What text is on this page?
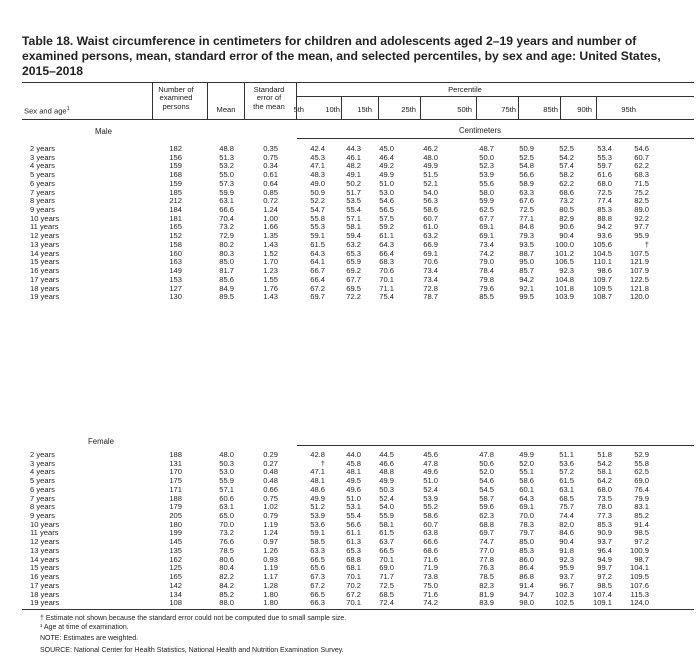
Table 18. Waist circumference in centimeters for children and adolescents aged 2–19 years and number of examined persons, mean, standard error of the mean, and selected percentiles, by sex and age: United States, 2015–2018
Sex and age$^1$
Number of
examined
persons	Mean
Standard
error of
the mean
Percentile
5th	10th	15th	25th	50th	75th	85th	90th	95th
Male	Centimeters
2 years	182	48.8	0.35	42.4	44.3 45.0	46.2	48.7	50.9	52.5	53.4	54.6
3 years	156	51.3	0.75	45.3	46.1 46.4	48.0	50.0	52.5	54.2	55.3	60.7
4 years	159	53.2	0.34	47.1	48.2 49.2	49.9	52.3	54.8	57.4	59.7	62.2
5 years	168	55.0	0.61	48.3	49.1 49.9	51.5	53.9	56.6	58.2	61.6	68.3
6 years	159	57.3	0.64	49.0	50.2 51.0	52.1	55.6	58.9	62.2	68.0	71.5
7 years	185	59.9	0.85	50.9	51.7 53.0	54.0	58.0	63.3	68.6	72.5	75.2
8 years	212	63.1	0.72	52.2	53.5 54.6	56.3	59.9	67.6	73.2	77.4	82.5
9 years	184	66.6	1.24	54.7	55.4 56.5	58.6	62.5	72.5	80.5	85.3	89.0
10 years	181	70.4	1.00	55.8	57.1 57.5	60.7	67.7	77.1	82.9	88.8	92.2
11 years	165	73.2	1.66	55.3	58.1 59.2	61.0	69.1	84.8	90.6	94.2	97.7
12 years	152	72.9	1.35	59.1	59.4 61.1	63.2	69.1	79.3	90.4	93.6	95.9
13 years	158	80.2	1.43	61.5	63.2 64.3	66.9	73.4	93.5	100.0 105.6	†
14 years	160	80.3	1.52	64.3	65.3 66.4	69.1	74.2	88.7	101.2 104.5 107.5
15 years	163	85.0	1.70	64.1	65.9 68.3	70.6	79.0	95.0	106.5	110.1 121.9
16 years	149	81.7	1.23	66.7	69.2 70.6	73.4	78.4	85.7	92.3	98.6 107.9
17 years	153	85.6	1.55	66.4	67.7 70.1	73.4	79.8	94.2	104.8 109.7 122.5
18 years	127	84.9	1.76	67.2	69.5 71.1	72.8	79.6	92.1	101.8 109.5 121.8
19 years	130	89.5	1.43	69.7	72.2 75.4	78.7	85.5	99.5	103.9 108.7 120.0
Female
2 years	188	48.0	0.29	42.8	44.0 44.5	45.6	47.8	49.9	51.1	51.8	52.9
3 years	131	50.3	0.27	†	45.8 46.6	47.8	50.6	52.0	53.6	54.2	55.8
4 years	170	53.0	0.48	47.1	48.1 48.8	49.6	52.0	55.1	57.2	58.1	62.5
5 years	175	55.9	0.48	48.1	49.5 49.9	51.0	54.6	58.6	61.5	64.2	69.0
6 years	171	57.1	0.66	48.6	49.6 50.3	52.4	54.5	60.1	63.1	68.0	76.4
7 years	188	60.6	0.75	49.9	51.0 52.4	53.9	58.7	64.3	68.5	73.5	79.9
8 years	179	63.1	1.02	51.2	53.1 54.0	55.2	59.6	69.1	75.7	78.0	83.1
9 years	205	65.0	0.79	53.9	55.4 55.9	58.6	62.3	70.0	74.4	77.3	85.2
10 years	180	70.0	1.19	53.6	56.6 58.1	60.7	68.8	78.3	82.0	85.3	91.4
11 years	199	73.2	1.24	59.1	61.1 61.5	63.8	69.7	79.7	84.6	90.9	98.5
12 years	145	76.6	0.97	58.5	61.3 63.7	66.6	74.7	85.0	90.4	93.7	97.2
13 years	135	78.5	1.26	63.3	65.3 66.5	68.6	77.0	85.3	91.8	96.4 100.9
14 years	162	80.6	0.93	66.5	68.8 70.1	71.6	77.8	86.0	92.3	94.9	98.7
15 years	125	80.4	1.19	65.6	68.1 69.0	71.9	76.3	86.4	95.9	99.7 104.1
16 years	165	82.2	1.17	67.3	70.1 71.7	73.8	78.5	86.8	93.7	97.2 109.5
17 years	142	84.2	1.28	67.2	70.2 72.5	75.0	82.3	91.4	96.7	98.5 107.6
18 years	134	85.2	1.80	66.5	67.2 68.5	71.6	81.9	94.7	102.3 107.4 115.3
19 years	108	88.0	1.80	66.3	70.1 72.4	74.2	83.9	98.0	102.5 109.1 124.0
† Estimate not shown because the standard error could not be computed due to small sample size.
¹ Age at time of examination.
NOTE: Estimates are weighted.
SOURCE: National Center for Health Statistics, National Health and Nutrition Examination Survey.
